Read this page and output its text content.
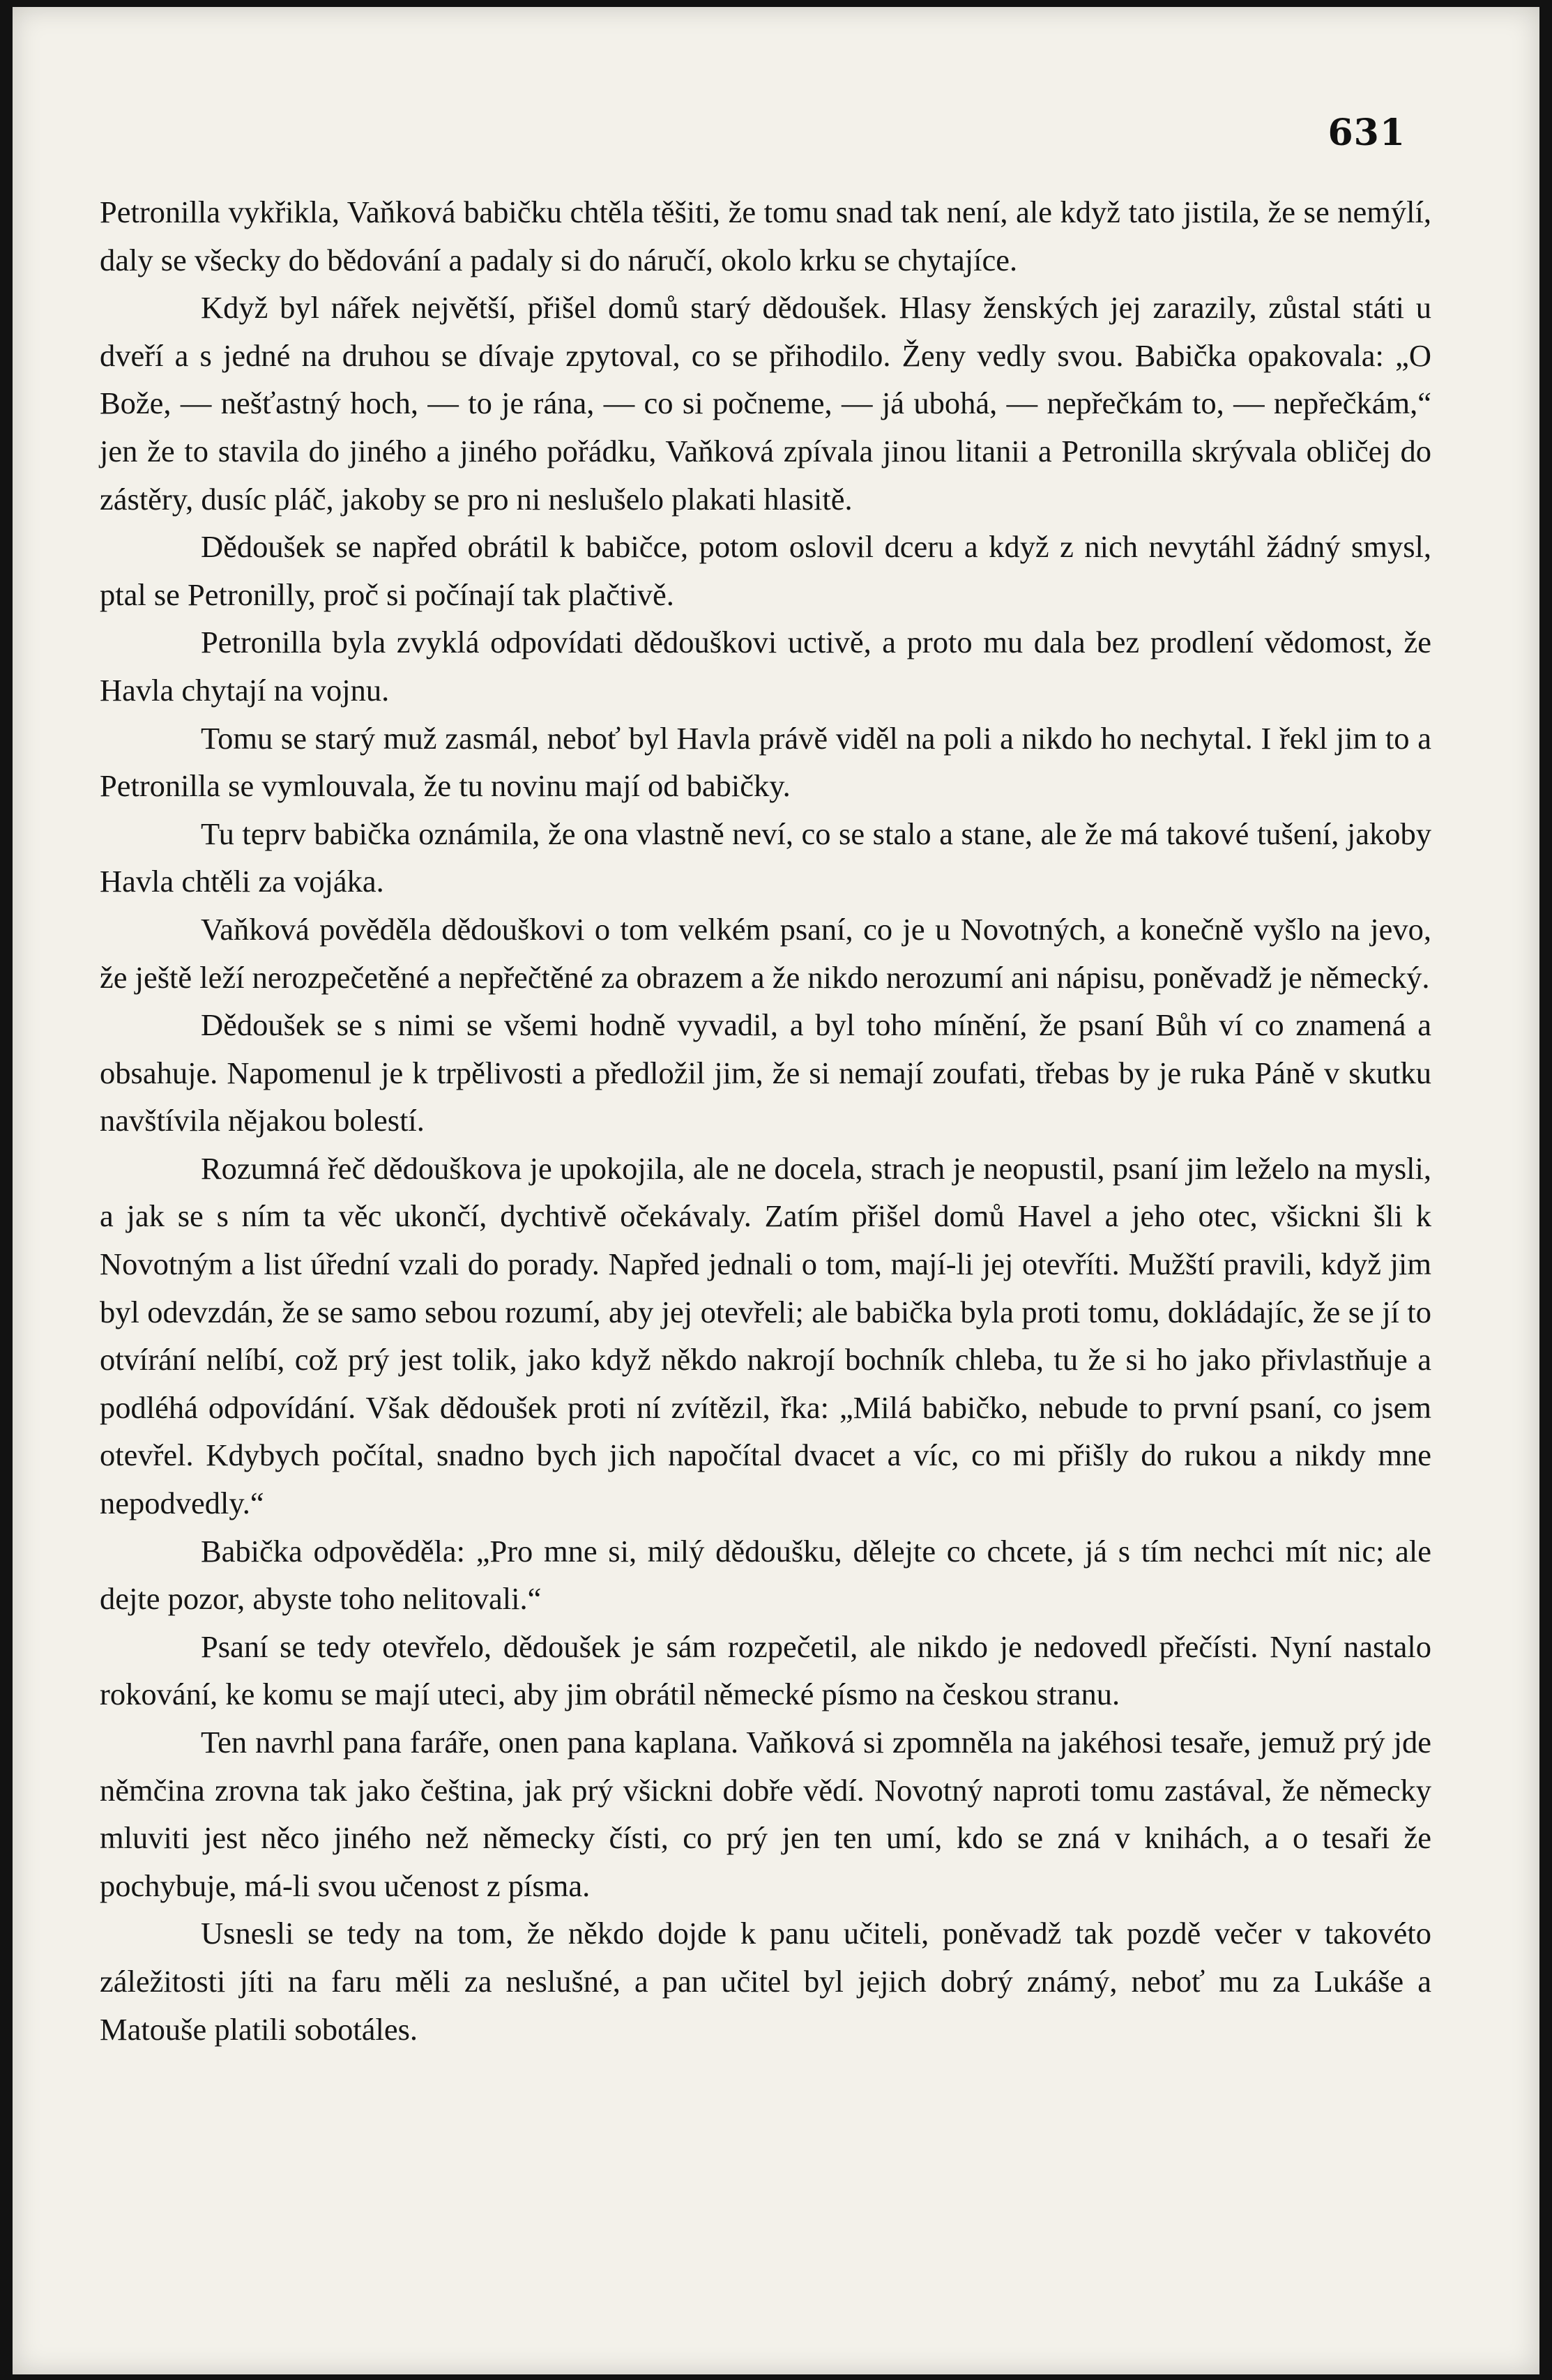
631

Petronilla vykřikla, Vaňková babičku chtěla těšiti, že tomu snad tak není, ale když tato jistila, že se nemýlí, daly se všecky do bědování a padaly si do náručí, okolo krku se chytajíce.

Když byl nářek největší, přišel domů starý dědoušek. Hlasy ženských jej zarazily, zůstal státi u dveří a s jedné na druhou se dívaje zpytoval, co se přihodilo. Ženy vedly svou. Babička opakovala: „O Bože, — nešťastný hoch, — to je rána, — co si počneme, — já ubohá, — nepřečkám to, — nepřečkám,“ jen že to stavila do jiného a jiného pořádku, Vaňková zpívala jinou litanii a Petronilla skrývala obličej do zástěry, dusíc pláč, jakoby se pro ni neslušelo plakati hlasitě.

Dědoušek se napřed obrátil k babičce, potom oslovil dceru a když z nich nevytáhl žádný smysl, ptal se Petronilly, proč si počínají tak plačtivě.

Petronilla byla zvyklá odpovídati dědouškovi uctivě, a proto mu dala bez prodlení vědomost, že Havla chytají na vojnu.

Tomu se starý muž zasmál, neboť byl Havla právě viděl na poli a nikdo ho nechytal. I řekl jim to a Petronilla se vymlouvala, že tu novinu mají od babičky.

Tu teprv babička oznámila, že ona vlastně neví, co se stalo a stane, ale že má takové tušení, jakoby Havla chtěli za vojáka.

Vaňková pověděla dědouškovi o tom velkém psaní, co je u Novotných, a konečně vyšlo na jevo, že ještě leží nerozpečetěné a nepřečtěné za obrazem a že nikdo nerozumí ani nápisu, poněvadž je německý.

Dědoušek se s nimi se všemi hodně vyvadil, a byl toho mínění, že psaní Bůh ví co znamená a obsahuje. Napomenul je k trpělivosti a předložil jim, že si nemají zoufati, třebas by je ruka Páně v skutku navštívila nějakou bolestí.

Rozumná řeč dědouškova je upokojila, ale ne docela, strach je neopustil, psaní jim leželo na mysli, a jak se s ním ta věc ukončí, dychtivě očekávaly. Zatím přišel domů Havel a jeho otec, všickni šli k Novotným a list úřední vzali do porady. Napřed jednali o tom, mají-li jej otevříti. Mužští pravili, když jim byl odevzdán, že se samo sebou rozumí, aby jej otevřeli; ale babička byla proti tomu, dokládajíc, že se jí to otvírání nelíbí, což prý jest tolik, jako když někdo nakrojí bochník chleba, tu že si ho jako přivlastňuje a podléhá odpovídání. Však dědoušek proti ní zvítězil, řka: „Milá babičko, nebude to první psaní, co jsem otevřel. Kdybych počítal, snadno bych jich napočítal dvacet a víc, co mi přišly do rukou a nikdy mne nepodvedly.“

Babička odpověděla: „Pro mne si, milý dědoušku, dělejte co chcete, já s tím nechci mít nic; ale dejte pozor, abyste toho nelitovali.“

Psaní se tedy otevřelo, dědoušek je sám rozpečetil, ale nikdo je nedovedl přečísti. Nyní nastalo rokování, ke komu se mají uteci, aby jim obrátil německé písmo na českou stranu.

Ten navrhl pana faráře, onen pana kaplana. Vaňková si zpomněla na jakéhosi tesaře, jemuž prý jde němčina zrovna tak jako čeština, jak prý všickni dobře vědí. Novotný naproti tomu zastával, že německy mluviti jest něco jiného než německy čísti, co prý jen ten umí, kdo se zná v knihách, a o tesaři že pochybuje, má-li svou učenost z písma.

Usnesli se tedy na tom, že někdo dojde k panu učiteli, poněvadž tak pozdě večer v takovéto záležitosti jíti na faru měli za neslušné, a pan učitel byl jejich dobrý známý, neboť mu za Lukáše a Matouše platili sobotáles.
